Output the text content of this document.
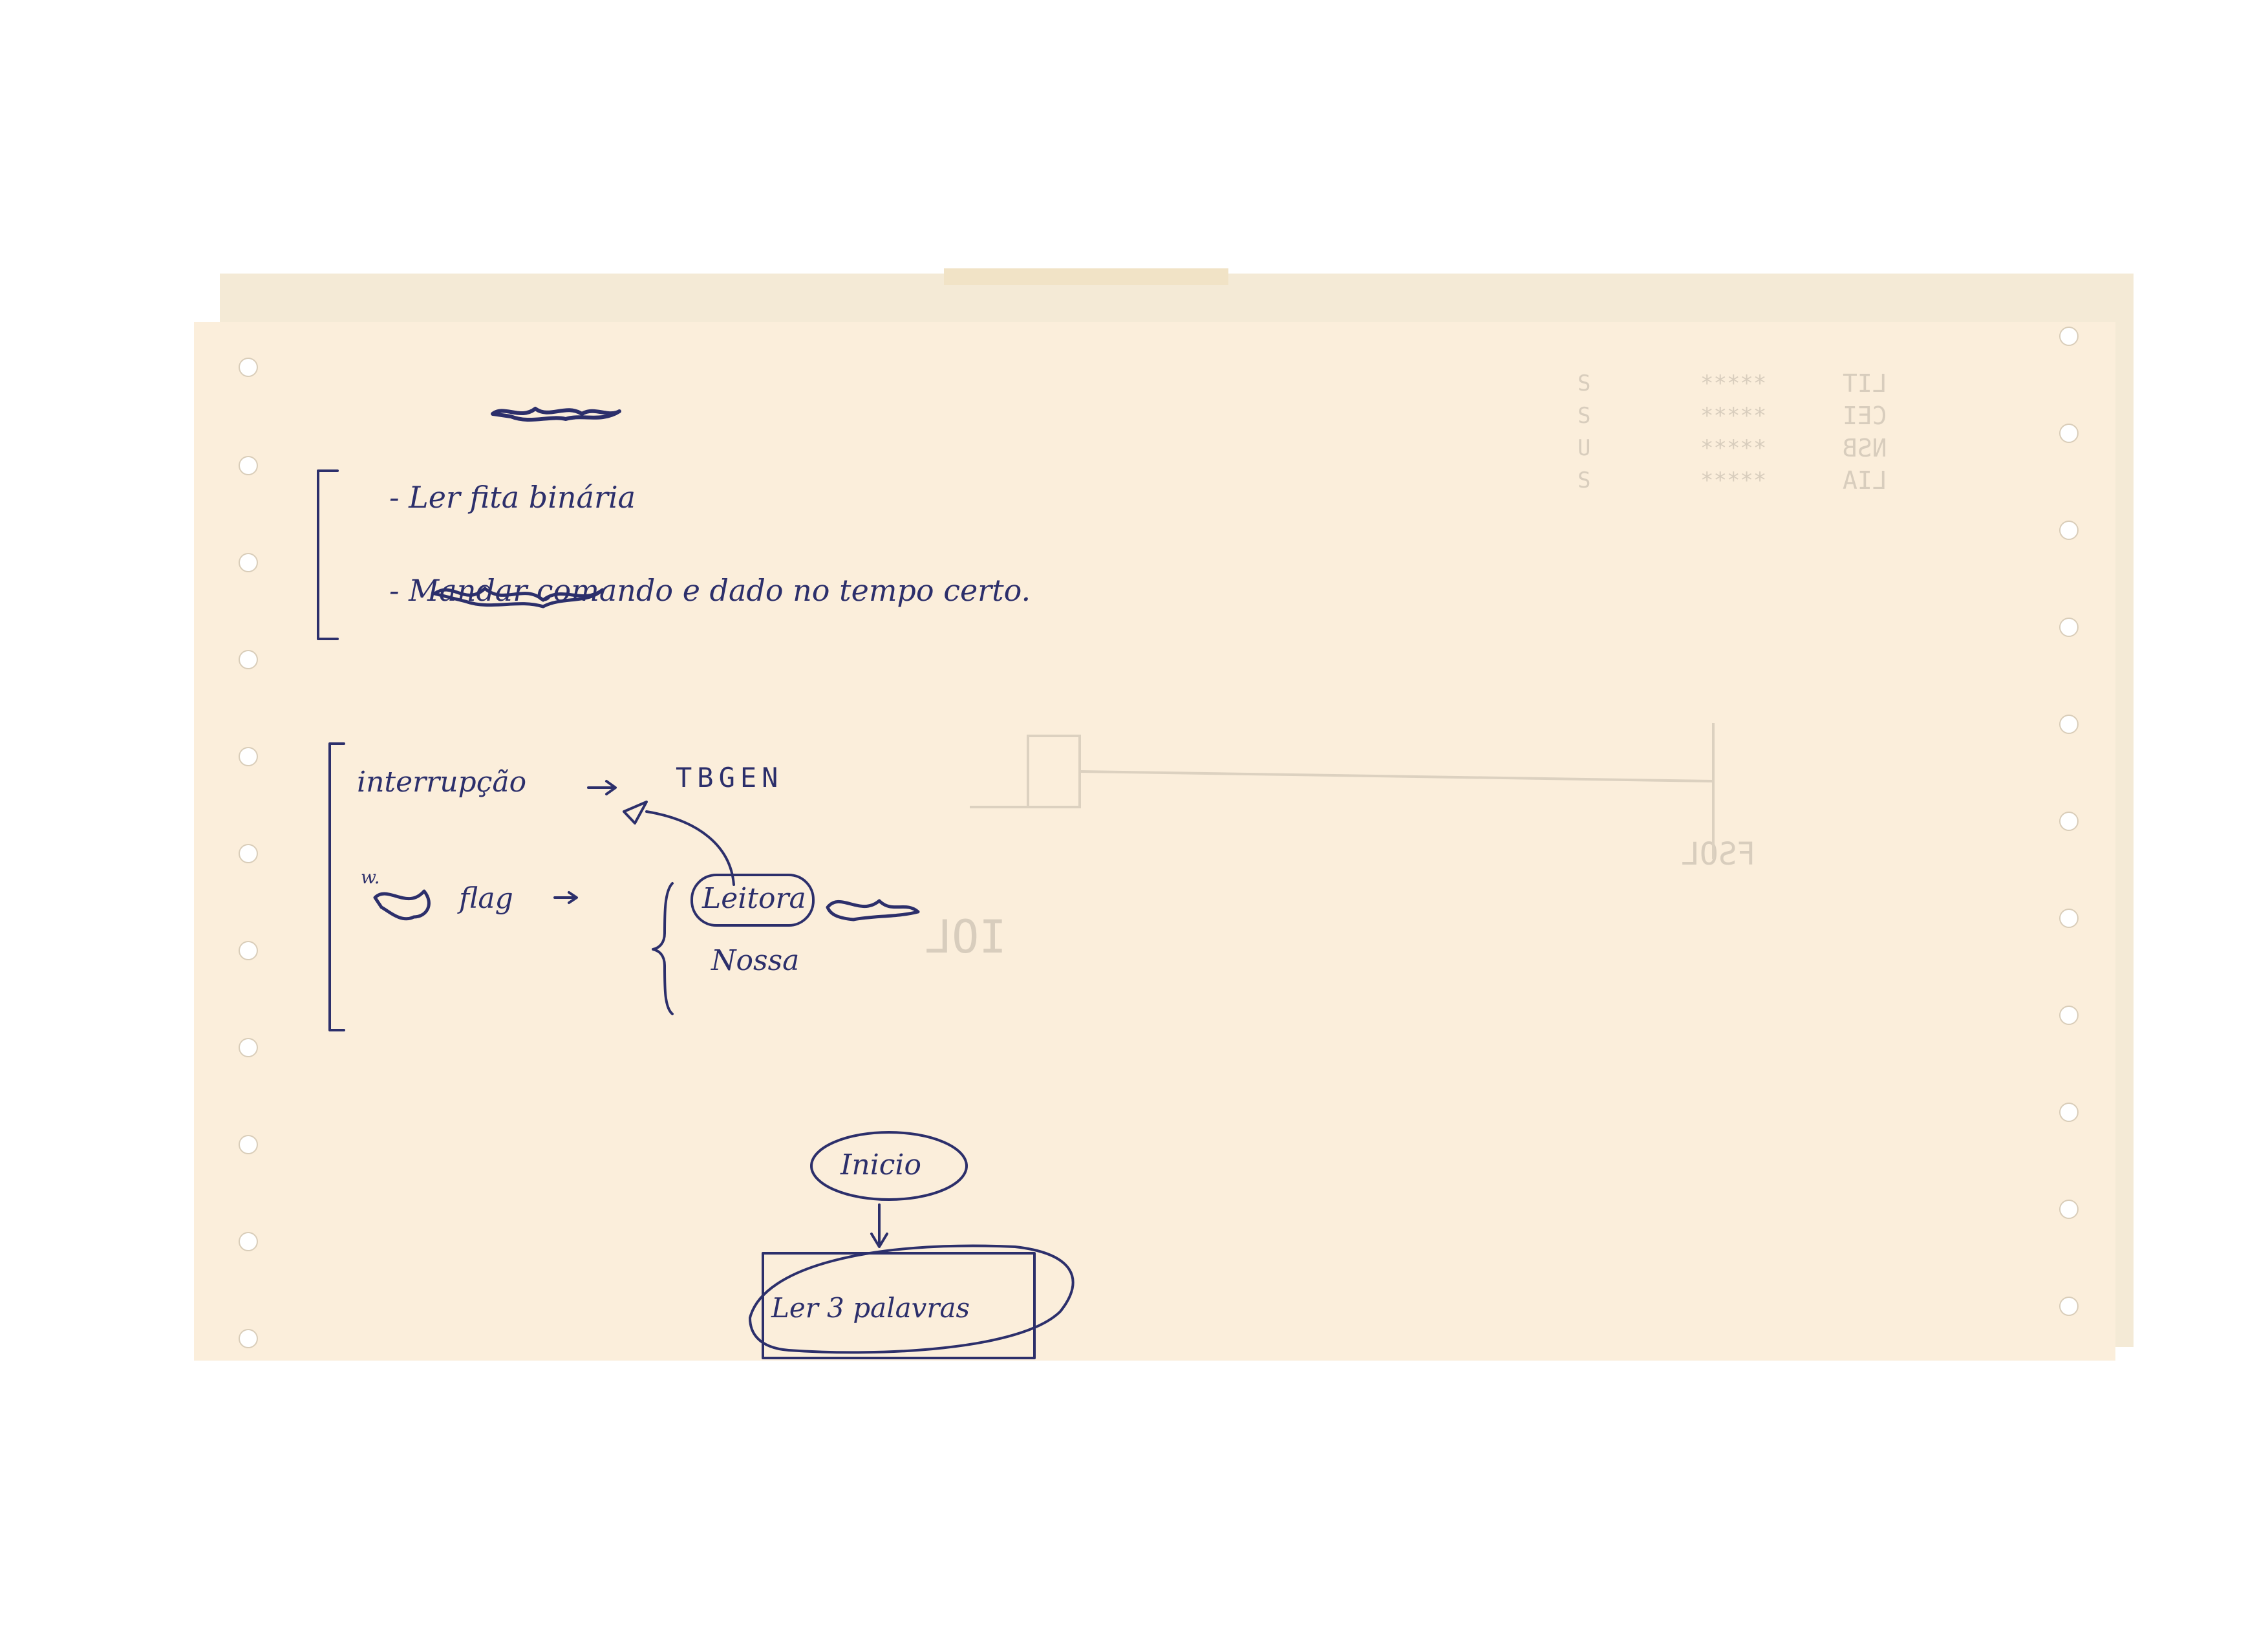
S
S
U
S
*****
*****
*****
*****
LIT
CEI
NSB
LIA
IOL
FSOL
- Ler fita binária
- Mandar comando e dado no tempo certo.
interrupção	TBGEN
w.
flag	Leitora
Nossa
Inicio
Ler 3 palavras
